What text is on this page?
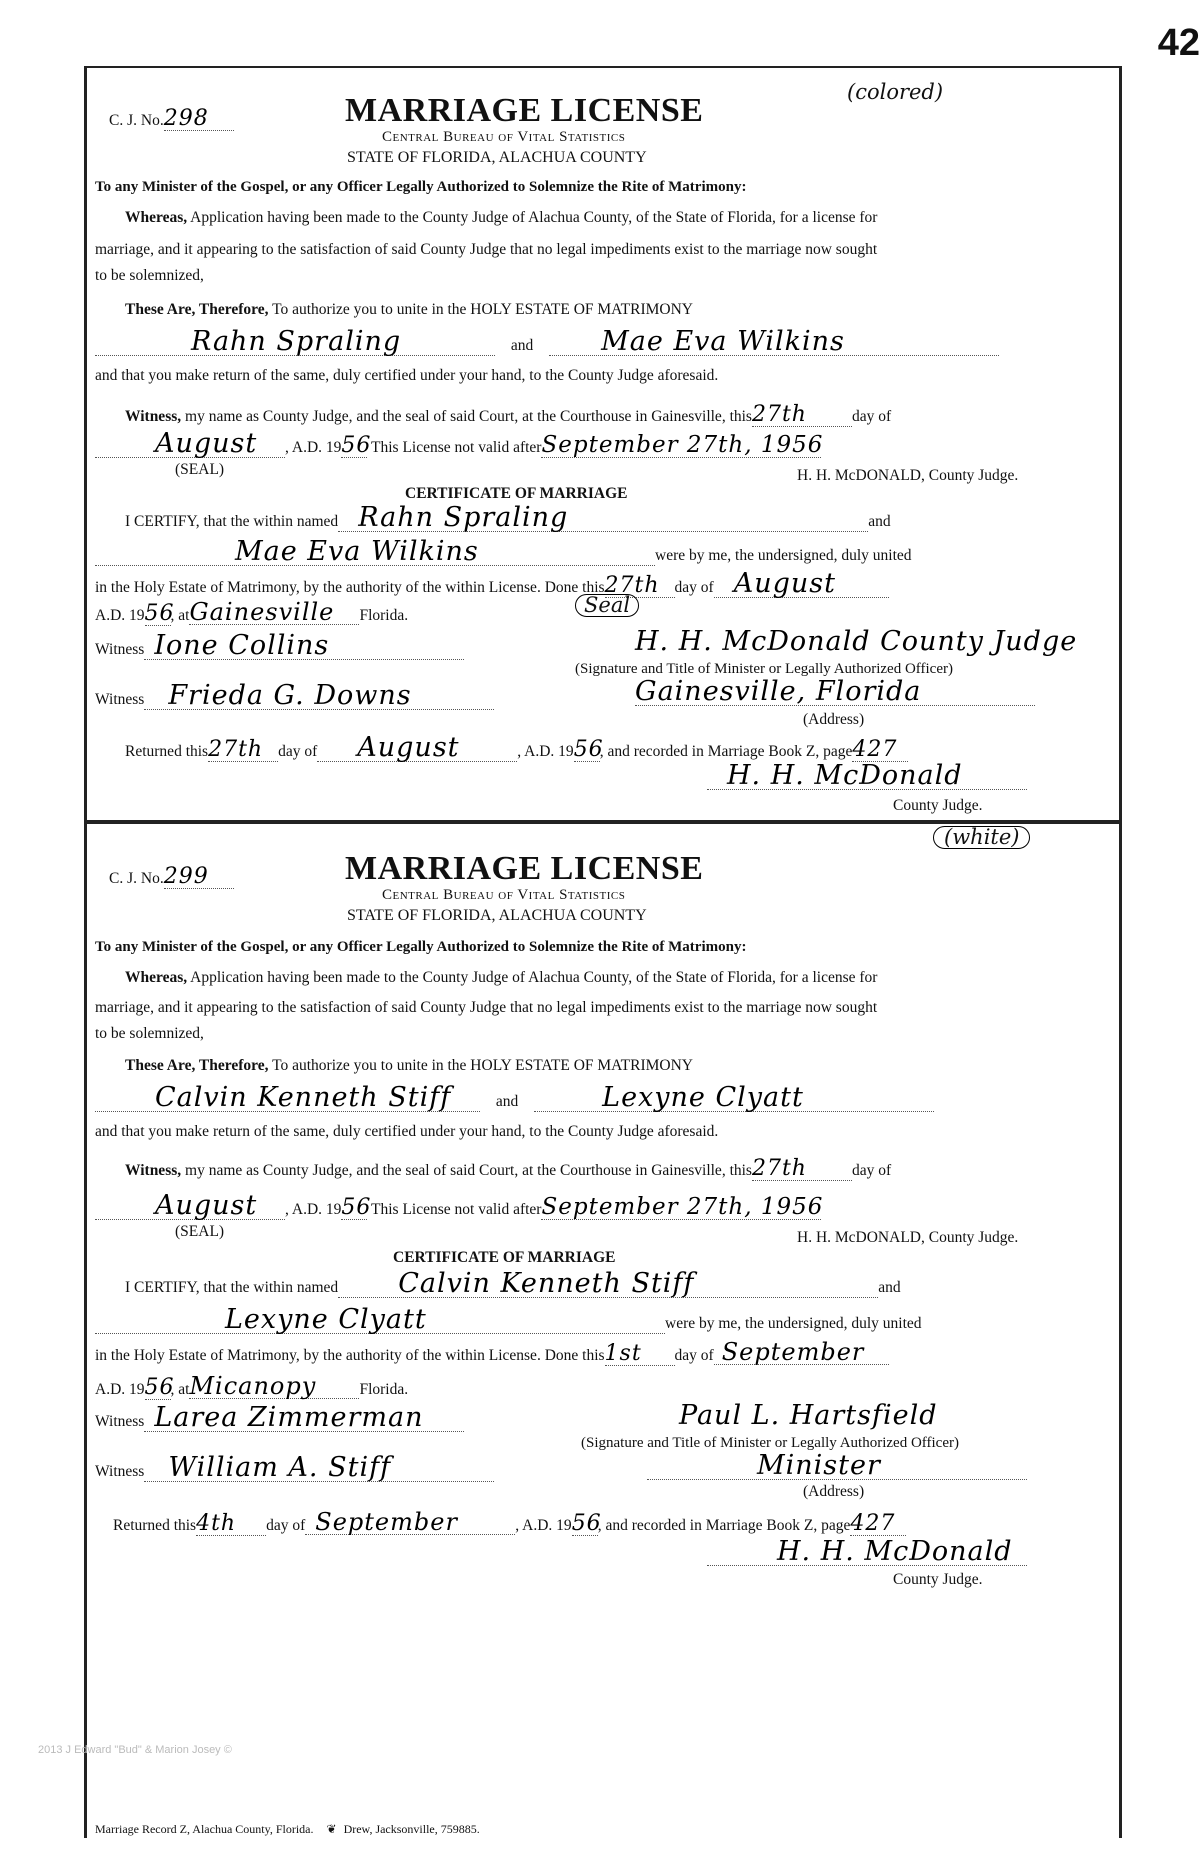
42
(colored)
C. J. No.298	MARRIAGE LICENSE
Central Bureau of Vital Statistics
STATE OF FLORIDA, ALACHUA COUNTY
To any Minister of the Gospel, or any Officer Legally Authorized to Solemnize the Rite of Matrimony:
Whereas, Application having been made to the County Judge of Alachua County, of the State of Florida, for a license for
marriage, and it appearing to the satisfaction of said County Judge that no legal impediments exist to the marriage now sought
to be solemnized,
These Are, Therefore, To authorize you to unite in the HOLY ESTATE OF MATRIMONY
Rahn Spraling	and	Mae Eva Wilkins
and that you make return of the same, duly certified under your hand, to the County Judge aforesaid.
Witness, my name as County Judge, and the seal of said Court, at the Courthouse in Gainesville, this27th	day of
August , A.D. 1956 This License not valid afterSeptember 27th, 1956
(SEAL)	H. H. McDONALD, County Judge.
CERTIFICATE OF MARRIAGE
I CERTIFY, that the within named Rahn Spraling	and
Mae Eva Wilkins	were by me, the undersigned, duly united
in the Holy Estate of Matrimony, by the authority of the within License. Done this27th day of August
A.D. 1956, atGainesville Florida.	Seal
Witness Ione Collins	H. H. McDonald County Judge
(Signature and Title of Minister or Legally Authorized Officer)
Witness Frieda G. Downs	Gainesville, Florida
(Address)
Returned this27th day of August	, A.D. 1956, and recorded in Marriage Book Z, page427
H. H. McDonald
County Judge.
(white)
C. J. No.299	MARRIAGE LICENSE
Central Bureau of Vital Statistics
STATE OF FLORIDA, ALACHUA COUNTY
To any Minister of the Gospel, or any Officer Legally Authorized to Solemnize the Rite of Matrimony:
Whereas, Application having been made to the County Judge of Alachua County, of the State of Florida, for a license for
marriage, and it appearing to the satisfaction of said County Judge that no legal impediments exist to the marriage now sought
to be solemnized,
These Are, Therefore, To authorize you to unite in the HOLY ESTATE OF MATRIMONY
Calvin Kenneth Stiff	and	Lexyne Clyatt
and that you make return of the same, duly certified under your hand, to the County Judge aforesaid.
Witness, my name as County Judge, and the seal of said Court, at the Courthouse in Gainesville, this27th	day of
August , A.D. 1956 This License not valid afterSeptember 27th, 1956
(SEAL)	H. H. McDONALD, County Judge.
CERTIFICATE OF MARRIAGE
I CERTIFY, that the within named Calvin Kenneth Stiff	and
Lexyne Clyatt	were by me, the undersigned, duly united
in the Holy Estate of Matrimony, by the authority of the within License. Done this1st day of September
A.D. 1956, atMicanopy	Florida.
Witness Larea Zimmerman	Paul L. Hartsfield
(Signature and Title of Minister or Legally Authorized Officer)
Witness William A. Stiff	Minister
(Address)
Returned this4th day of September	, A.D. 1956, and recorded in Marriage Book Z, page427
H. H. McDonald
County Judge.
Marriage Record Z, Alachua County, Florida. ❦ Drew, Jacksonville, 759885.
2013 J Edward "Bud" & Marion Josey ©
